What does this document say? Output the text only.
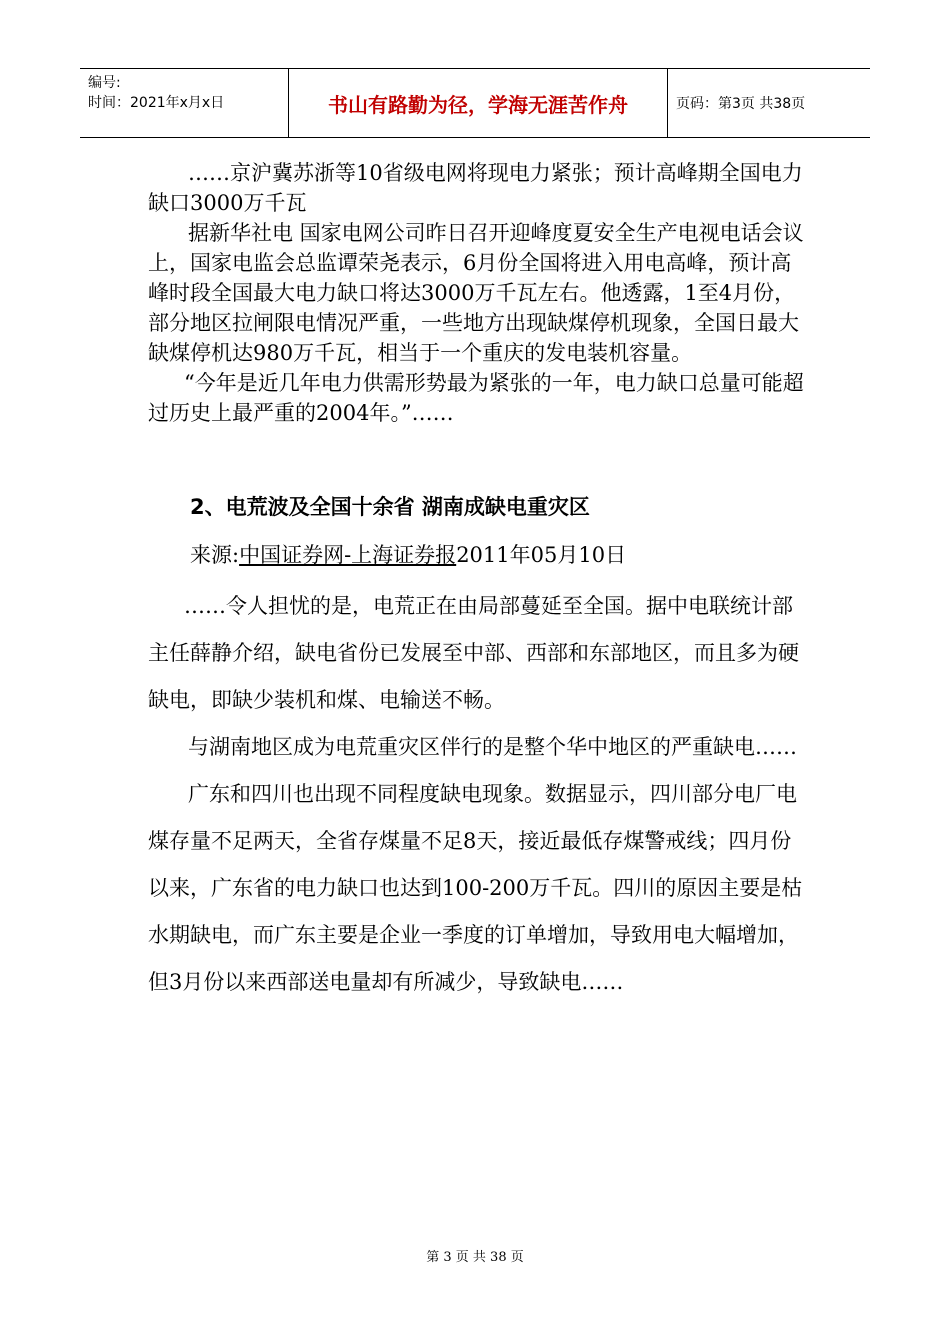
编号:
时间：2021年x月x日	书山有路勤为径，学海无涯苦作舟	页码：第3页 共38页

……京沪冀苏浙等10省级电网将现电力紧张；预计高峰期全国电力缺口3000万千瓦

据新华社电 国家电网公司昨日召开迎峰度夏安全生产电视电话会议上，国家电监会总监谭荣尧表示，6月份全国将进入用电高峰，预计高峰时段全国最大电力缺口将达3000万千瓦左右。他透露，1至4月份，部分地区拉闸限电情况严重，一些地方出现缺煤停机现象，全国日最大缺煤停机达980万千瓦，相当于一个重庆的发电装机容量。

“今年是近几年电力供需形势最为紧张的一年，电力缺口总量可能超过历史上最严重的2004年。”……

2、电荒波及全国十余省 湖南成缺电重灾区
来源:中国证券网-上海证券报2011年05月10日

……令人担忧的是，电荒正在由局部蔓延至全国。据中电联统计部主任薛静介绍，缺电省份已发展至中部、西部和东部地区，而且多为硬缺电，即缺少装机和煤、电输送不畅。

与湖南地区成为电荒重灾区伴行的是整个华中地区的严重缺电……

广东和四川也出现不同程度缺电现象。数据显示，四川部分电厂电煤存量不足两天，全省存煤量不足8天，接近最低存煤警戒线；四月份以来，广东省的电力缺口也达到100-200万千瓦。四川的原因主要是枯水期缺电，而广东主要是企业一季度的订单增加，导致用电大幅增加，但3月份以来西部送电量却有所减少，导致缺电……

第 3 页 共 38 页
